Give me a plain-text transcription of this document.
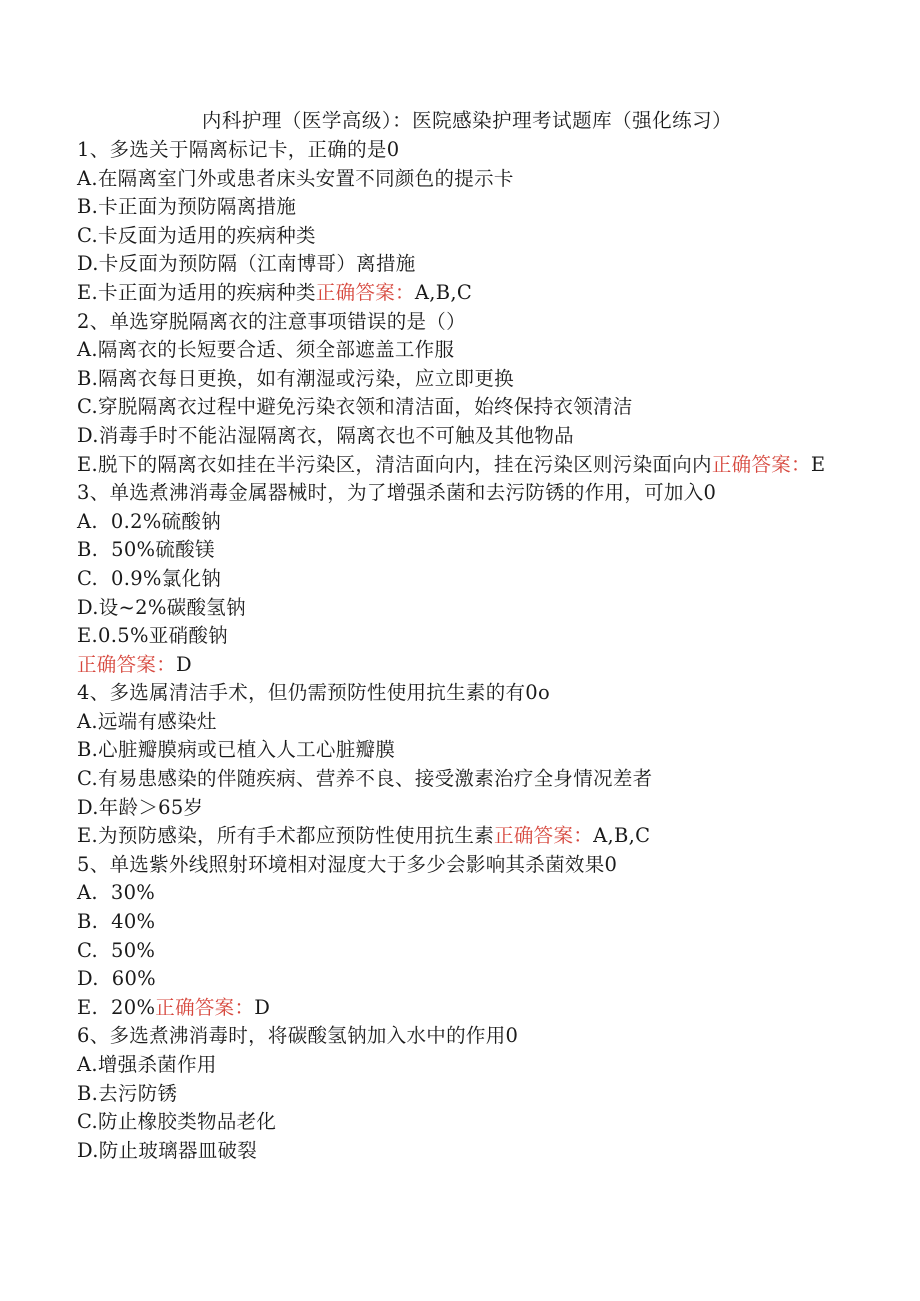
内科护理（医学高级）：医院感染护理考试题库（强化练习）
1、多选关于隔离标记卡，正确的是0
A.在隔离室门外或患者床头安置不同颜色的提示卡
B.卡正面为预防隔离措施
C.卡反面为适用的疾病种类
D.卡反面为预防隔（江南博哥）离措施
E.卡正面为适用的疾病种类正确答案：A,B,C
2、单选穿脱隔离衣的注意事项错误的是（）
A.隔离衣的长短要合适、须全部遮盖工作服
B.隔离衣每日更换，如有潮湿或污染，应立即更换
C.穿脱隔离衣过程中避免污染衣领和清洁面，始终保持衣领清洁
D.消毒手时不能沾湿隔离衣，隔离衣也不可触及其他物品
E.脱下的隔离衣如挂在半污染区，清洁面向内，挂在污染区则污染面向内正确答案：E
3、单选煮沸消毒金属器械时，为了增强杀菌和去污防锈的作用，可加入0
A.  0.2%硫酸钠
B.  50%硫酸镁
C.  0.9%氯化钠
D.设~2%碳酸氢钠
E.0.5%亚硝酸钠
正确答案：D
4、多选属清洁手术，但仍需预防性使用抗生素的有0o
A.远端有感染灶
B.心脏瓣膜病或已植入人工心脏瓣膜
C.有易患感染的伴随疾病、营养不良、接受激素治疗全身情况差者
D.年龄＞65岁
E.为预防感染，所有手术都应预防性使用抗生素正确答案：A,B,C
5、单选紫外线照射环境相对湿度大于多少会影响其杀菌效果0
A.  30%
B.  40%
C.  50%
D.  60%
E.  20%正确答案：D
6、多选煮沸消毒时，将碳酸氢钠加入水中的作用0
A.增强杀菌作用
B.去污防锈
C.防止橡胶类物品老化
D.防止玻璃器皿破裂
